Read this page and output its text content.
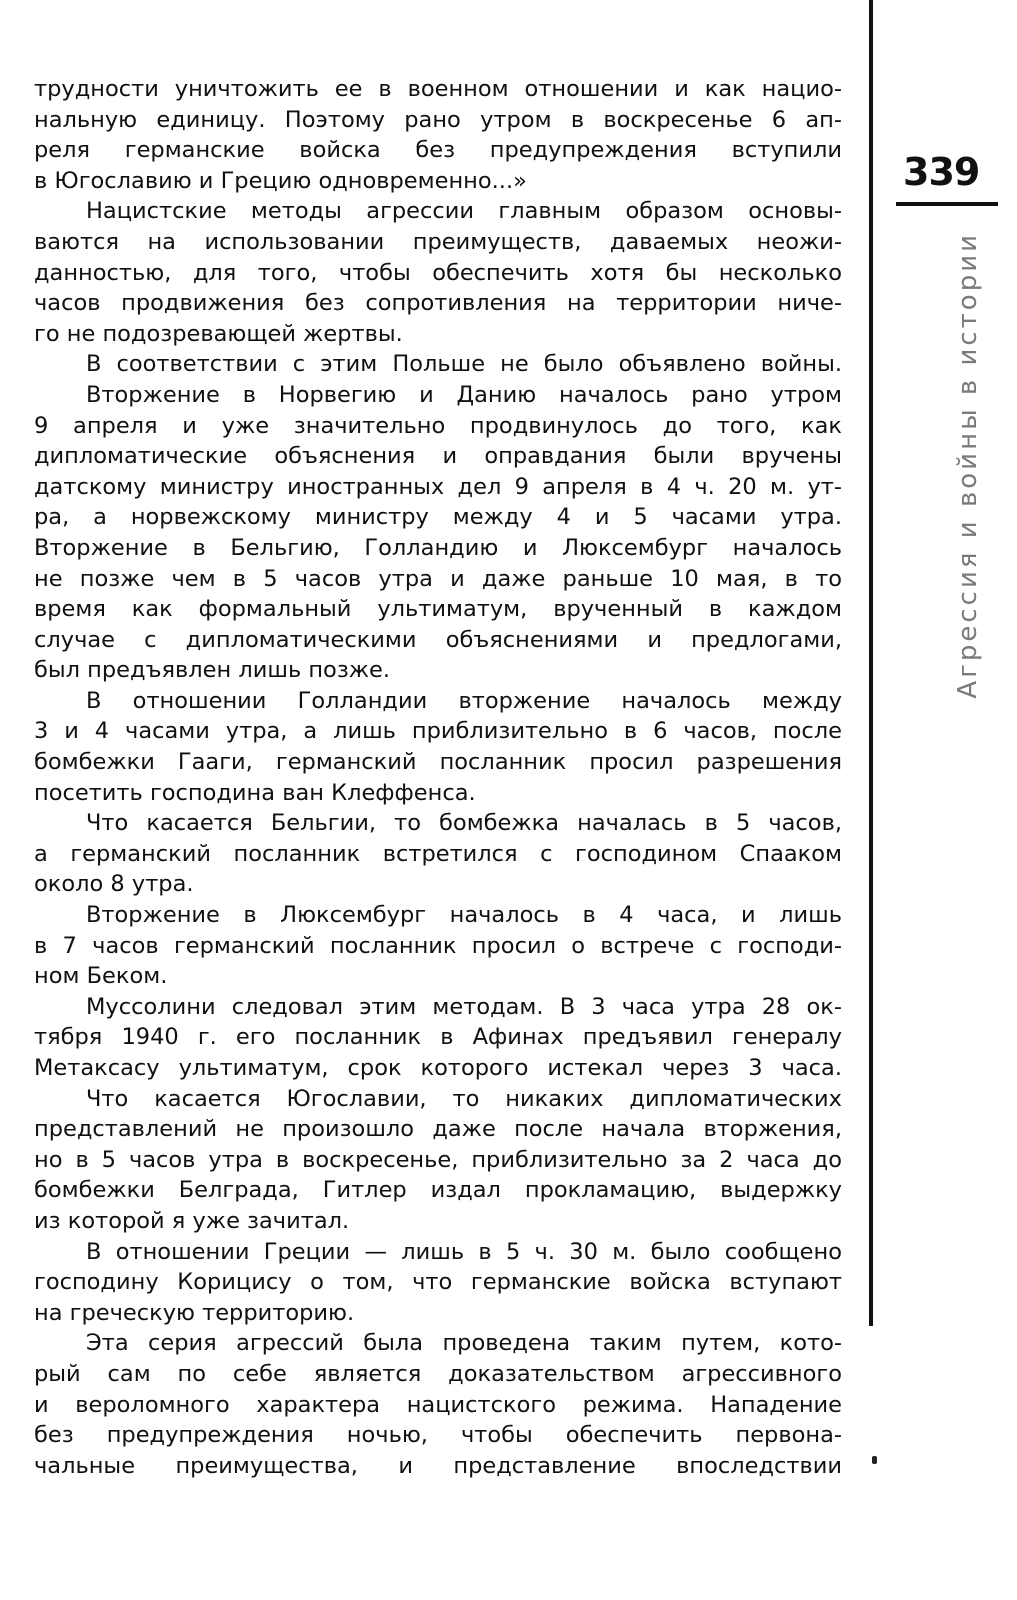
трудности уничтожить ее в военном отношении и как нацио-
нальную единицу. Поэтому рано утром в воскресенье 6 ап-
реля германские войска без предупреждения вступили
в Югославию и Грецию одновременно...»
Нацистские методы агрессии главным образом основы-
ваются на использовании преимуществ, даваемых неожи-
данностью, для того, чтобы обеспечить хотя бы несколько
часов продвижения без сопротивления на территории ниче-
го не подозревающей жертвы.
В соответствии с этим Польше не было объявлено войны.
Вторжение в Норвегию и Данию началось рано утром
9 апреля и уже значительно продвинулось до того, как
дипломатические объяснения и оправдания были вручены
датскому министру иностранных дел 9 апреля в 4 ч. 20 м. ут-
ра, а норвежскому министру между 4 и 5 часами утра.
Вторжение в Бельгию, Голландию и Люксембург началось
не позже чем в 5 часов утра и даже раньше 10 мая, в то
время как формальный ультиматум, врученный в каждом
случае с дипломатическими объяснениями и предлогами,
был предъявлен лишь позже.
В отношении Голландии вторжение началось между
3 и 4 часами утра, а лишь приблизительно в 6 часов, после
бомбежки Гааги, германский посланник просил разрешения
посетить господина ван Клеффенса.
Что касается Бельгии, то бомбежка началась в 5 часов,
а германский посланник встретился с господином Спааком
около 8 утра.
Вторжение в Люксембург началось в 4 часа, и лишь
в 7 часов германский посланник просил о встрече с господи-
ном Беком.
Муссолини следовал этим методам. В 3 часа утра 28 ок-
тября 1940 г. его посланник в Афинах предъявил генералу
Метаксасу ультиматум, срок которого истекал через 3 часа.
Что касается Югославии, то никаких дипломатических
представлений не произошло даже после начала вторжения,
но в 5 часов утра в воскресенье, приблизительно за 2 часа до
бомбежки Белграда, Гитлер издал прокламацию, выдержку
из которой я уже зачитал.
В отношении Греции — лишь в 5 ч. 30 м. было сообщено
господину Корицису о том, что германские войска вступают
на греческую территорию.
Эта серия агрессий была проведена таким путем, кото-
рый сам по себе является доказательством агрессивного
и вероломного характера нацистского режима. Нападение
без предупреждения ночью, чтобы обеспечить первона-
чальные преимущества, и представление впоследствии
339
Агрессия и войны в истории
